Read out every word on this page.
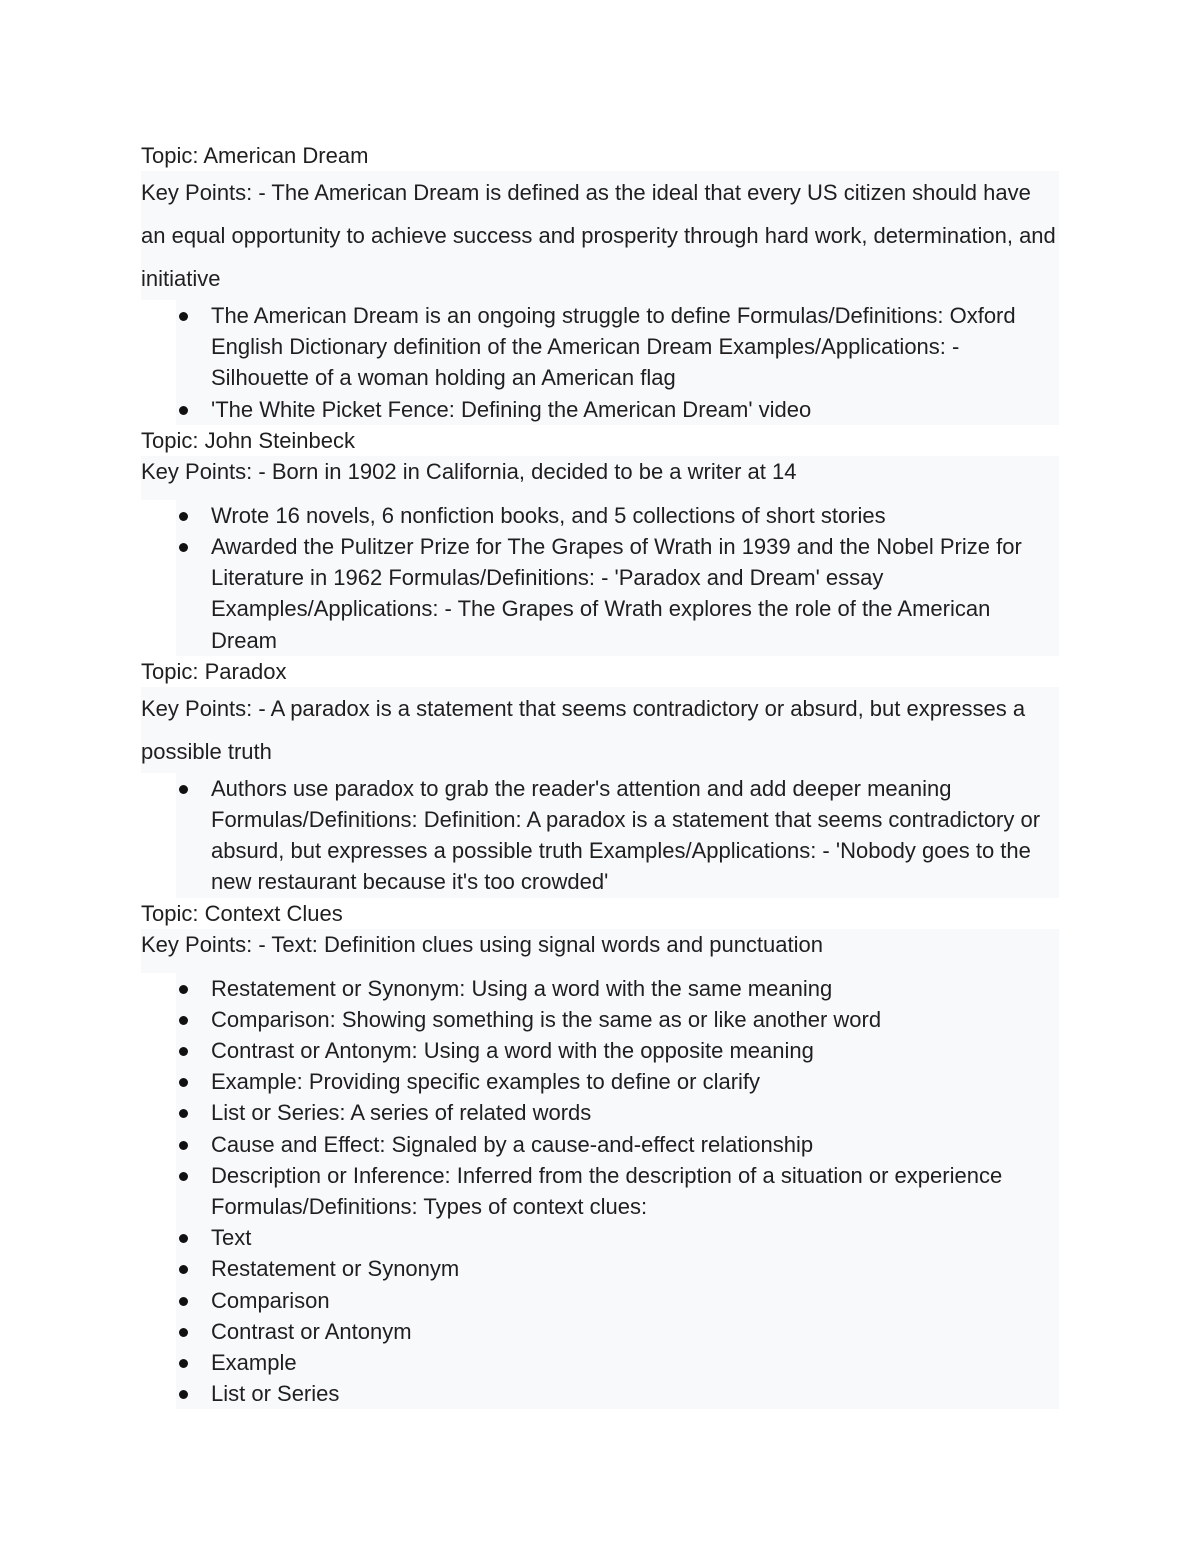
Topic: American Dream
Key Points: - The American Dream is defined as the ideal that every US citizen should have an equal opportunity to achieve success and prosperity through hard work, determination, and initiative
The American Dream is an ongoing struggle to define Formulas/Definitions: Oxford English Dictionary definition of the American Dream Examples/Applications: - Silhouette of a woman holding an American flag
'The White Picket Fence: Defining the American Dream' video
Topic: John Steinbeck
Key Points: - Born in 1902 in California, decided to be a writer at 14
Wrote 16 novels, 6 nonfiction books, and 5 collections of short stories
Awarded the Pulitzer Prize for The Grapes of Wrath in 1939 and the Nobel Prize for Literature in 1962 Formulas/Definitions: - 'Paradox and Dream' essay Examples/Applications: - The Grapes of Wrath explores the role of the American Dream
Topic: Paradox
Key Points: - A paradox is a statement that seems contradictory or absurd, but expresses a possible truth
Authors use paradox to grab the reader's attention and add deeper meaning Formulas/Definitions: Definition: A paradox is a statement that seems contradictory or absurd, but expresses a possible truth Examples/Applications: - 'Nobody goes to the new restaurant because it's too crowded'
Topic: Context Clues
Key Points: - Text: Definition clues using signal words and punctuation
Restatement or Synonym: Using a word with the same meaning
Comparison: Showing something is the same as or like another word
Contrast or Antonym: Using a word with the opposite meaning
Example: Providing specific examples to define or clarify
List or Series: A series of related words
Cause and Effect: Signaled by a cause-and-effect relationship
Description or Inference: Inferred from the description of a situation or experience Formulas/Definitions: Types of context clues:
Text
Restatement or Synonym
Comparison
Contrast or Antonym
Example
List or Series
